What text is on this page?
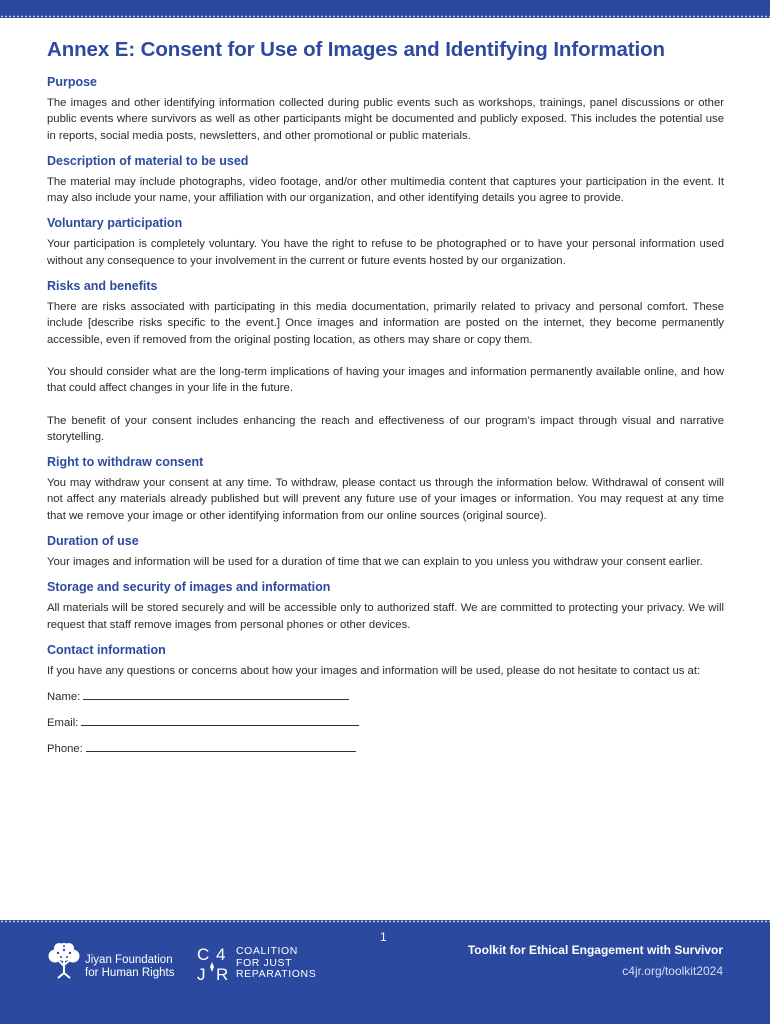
Annex E: Consent for Use of Images and Identifying Information
Purpose

The images and other identifying information collected during public events such as workshops, trainings, panel discussions or other public events where survivors as well as other participants might be documented and publicly exposed. This includes the potential use in reports, social media posts, newsletters, and other promotional or public materials.

Description of material to be used

The material may include photographs, video footage, and/or other multimedia content that captures your participation in the event. It may also include your name, your affiliation with our organization, and other identifying details you agree to provide.

Voluntary participation

Your participation is completely voluntary. You have the right to refuse to be photographed or to have your personal information used without any consequence to your involvement in the current or future events hosted by our organization.

Risks and benefits

There are risks associated with participating in this media documentation, primarily related to privacy and personal comfort. These include [describe risks specific to the event.] Once images and information are posted on the internet, they become permanently accessible, even if removed from the original posting location, as others may share or copy them.

You should consider what are the long-term implications of having your images and information permanently available online, and how that could affect changes in your life in the future.

The benefit of your consent includes enhancing the reach and effectiveness of our program’s impact through visual and narrative storytelling.

Right to withdraw consent

You may withdraw your consent at any time. To withdraw, please contact us through the information below. Withdrawal of consent will not affect any materials already published but will prevent any future use of your images or information. You may request at any time that we remove your image or other identifying information from our online sources (original source).

Duration of use

Your images and information will be used for a duration of time that we can explain to you unless you withdraw your consent earlier.

Storage and security of images and information

All materials will be stored securely and will be accessible only to authorized staff. We are committed to protecting your privacy. We will request that staff remove images from personal phones or other devices.

Contact information

If you have any questions or concerns about how your images and information will be used, please do not hesitate to contact us at:

Name:
Email:
Phone:
1
Jiyan Foundation
for Human Rights
C 4
J R
COALITION
FOR JUST
REPARATIONS
Toolkit for Ethical Engagement with Survivor
c4jr.org/toolkit2024
